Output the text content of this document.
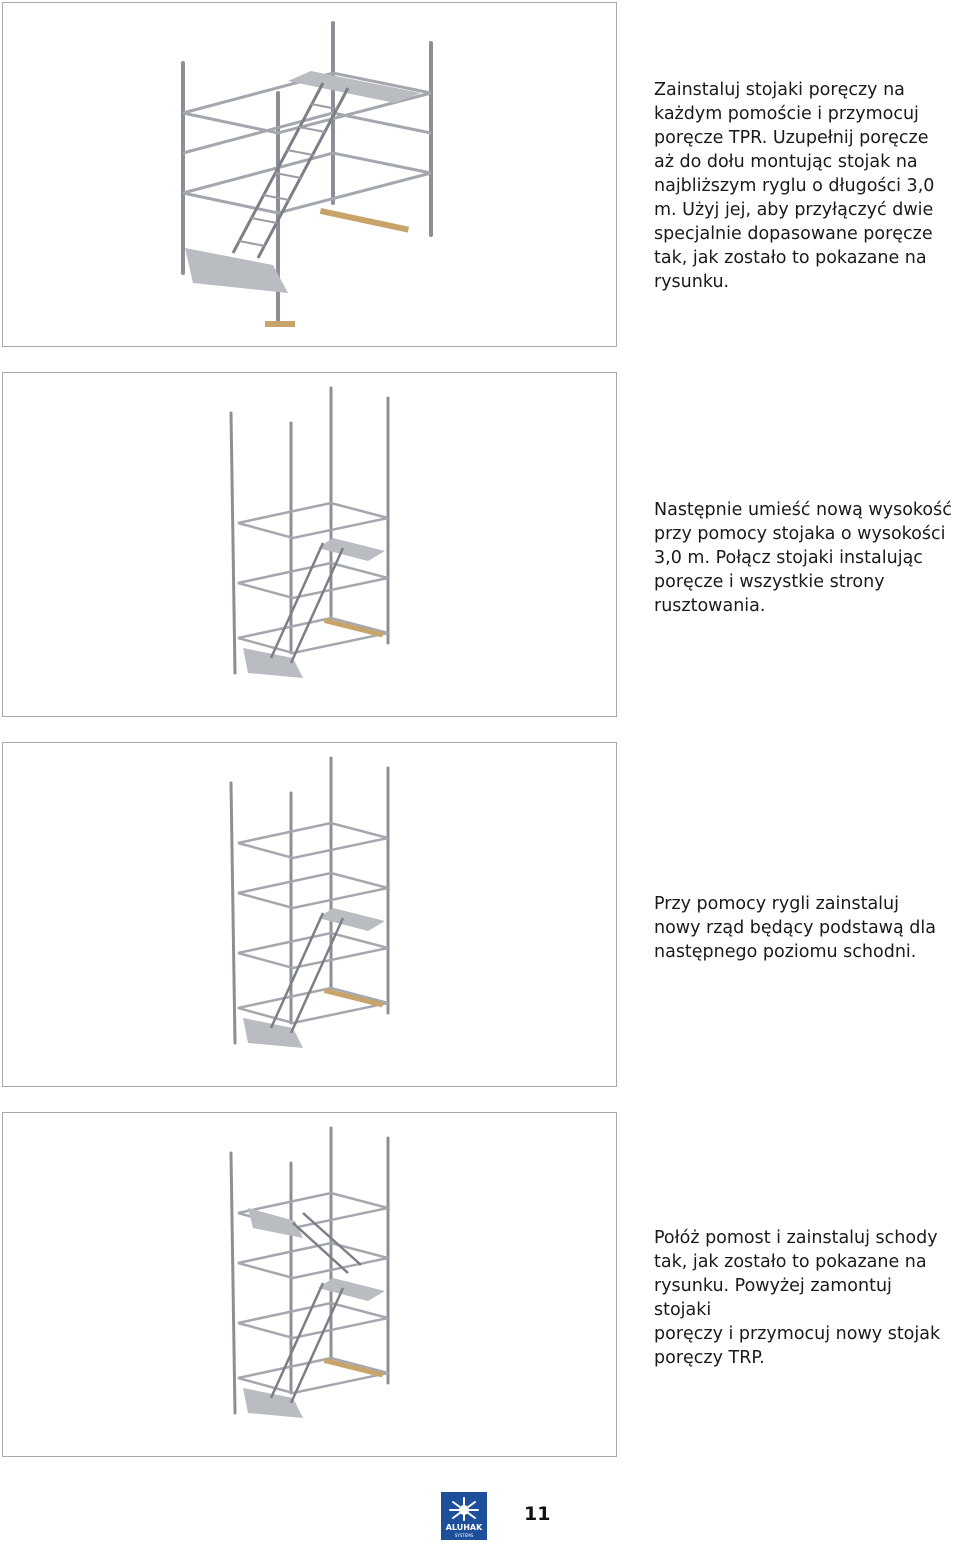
Zainstaluj stojaki poręczy na
każdym pomoście i przymocuj
poręcze TPR. Uzupełnij poręcze
aż do dołu montując stojak na
najbliższym ryglu o długości 3,0
m. Użyj jej, aby przyłączyć dwie
specjalnie dopasowane poręcze
tak, jak zostało to pokazane na
rysunku.
Następnie umieść nową wysokość
przy pomocy stojaka o wysokości
3,0 m. Połącz stojaki instalując
poręcze i wszystkie strony
rusztowania.
Przy pomocy rygli zainstaluj
nowy rząd będący podstawą dla
następnego poziomu schodni.
Połóż pomost i zainstaluj schody
tak, jak zostało to pokazane na
rysunku. Powyżej zamontuj stojaki
poręczy i przymocuj nowy stojak
poręczy TRP.
ALUHAK
SYSTEMS
11
